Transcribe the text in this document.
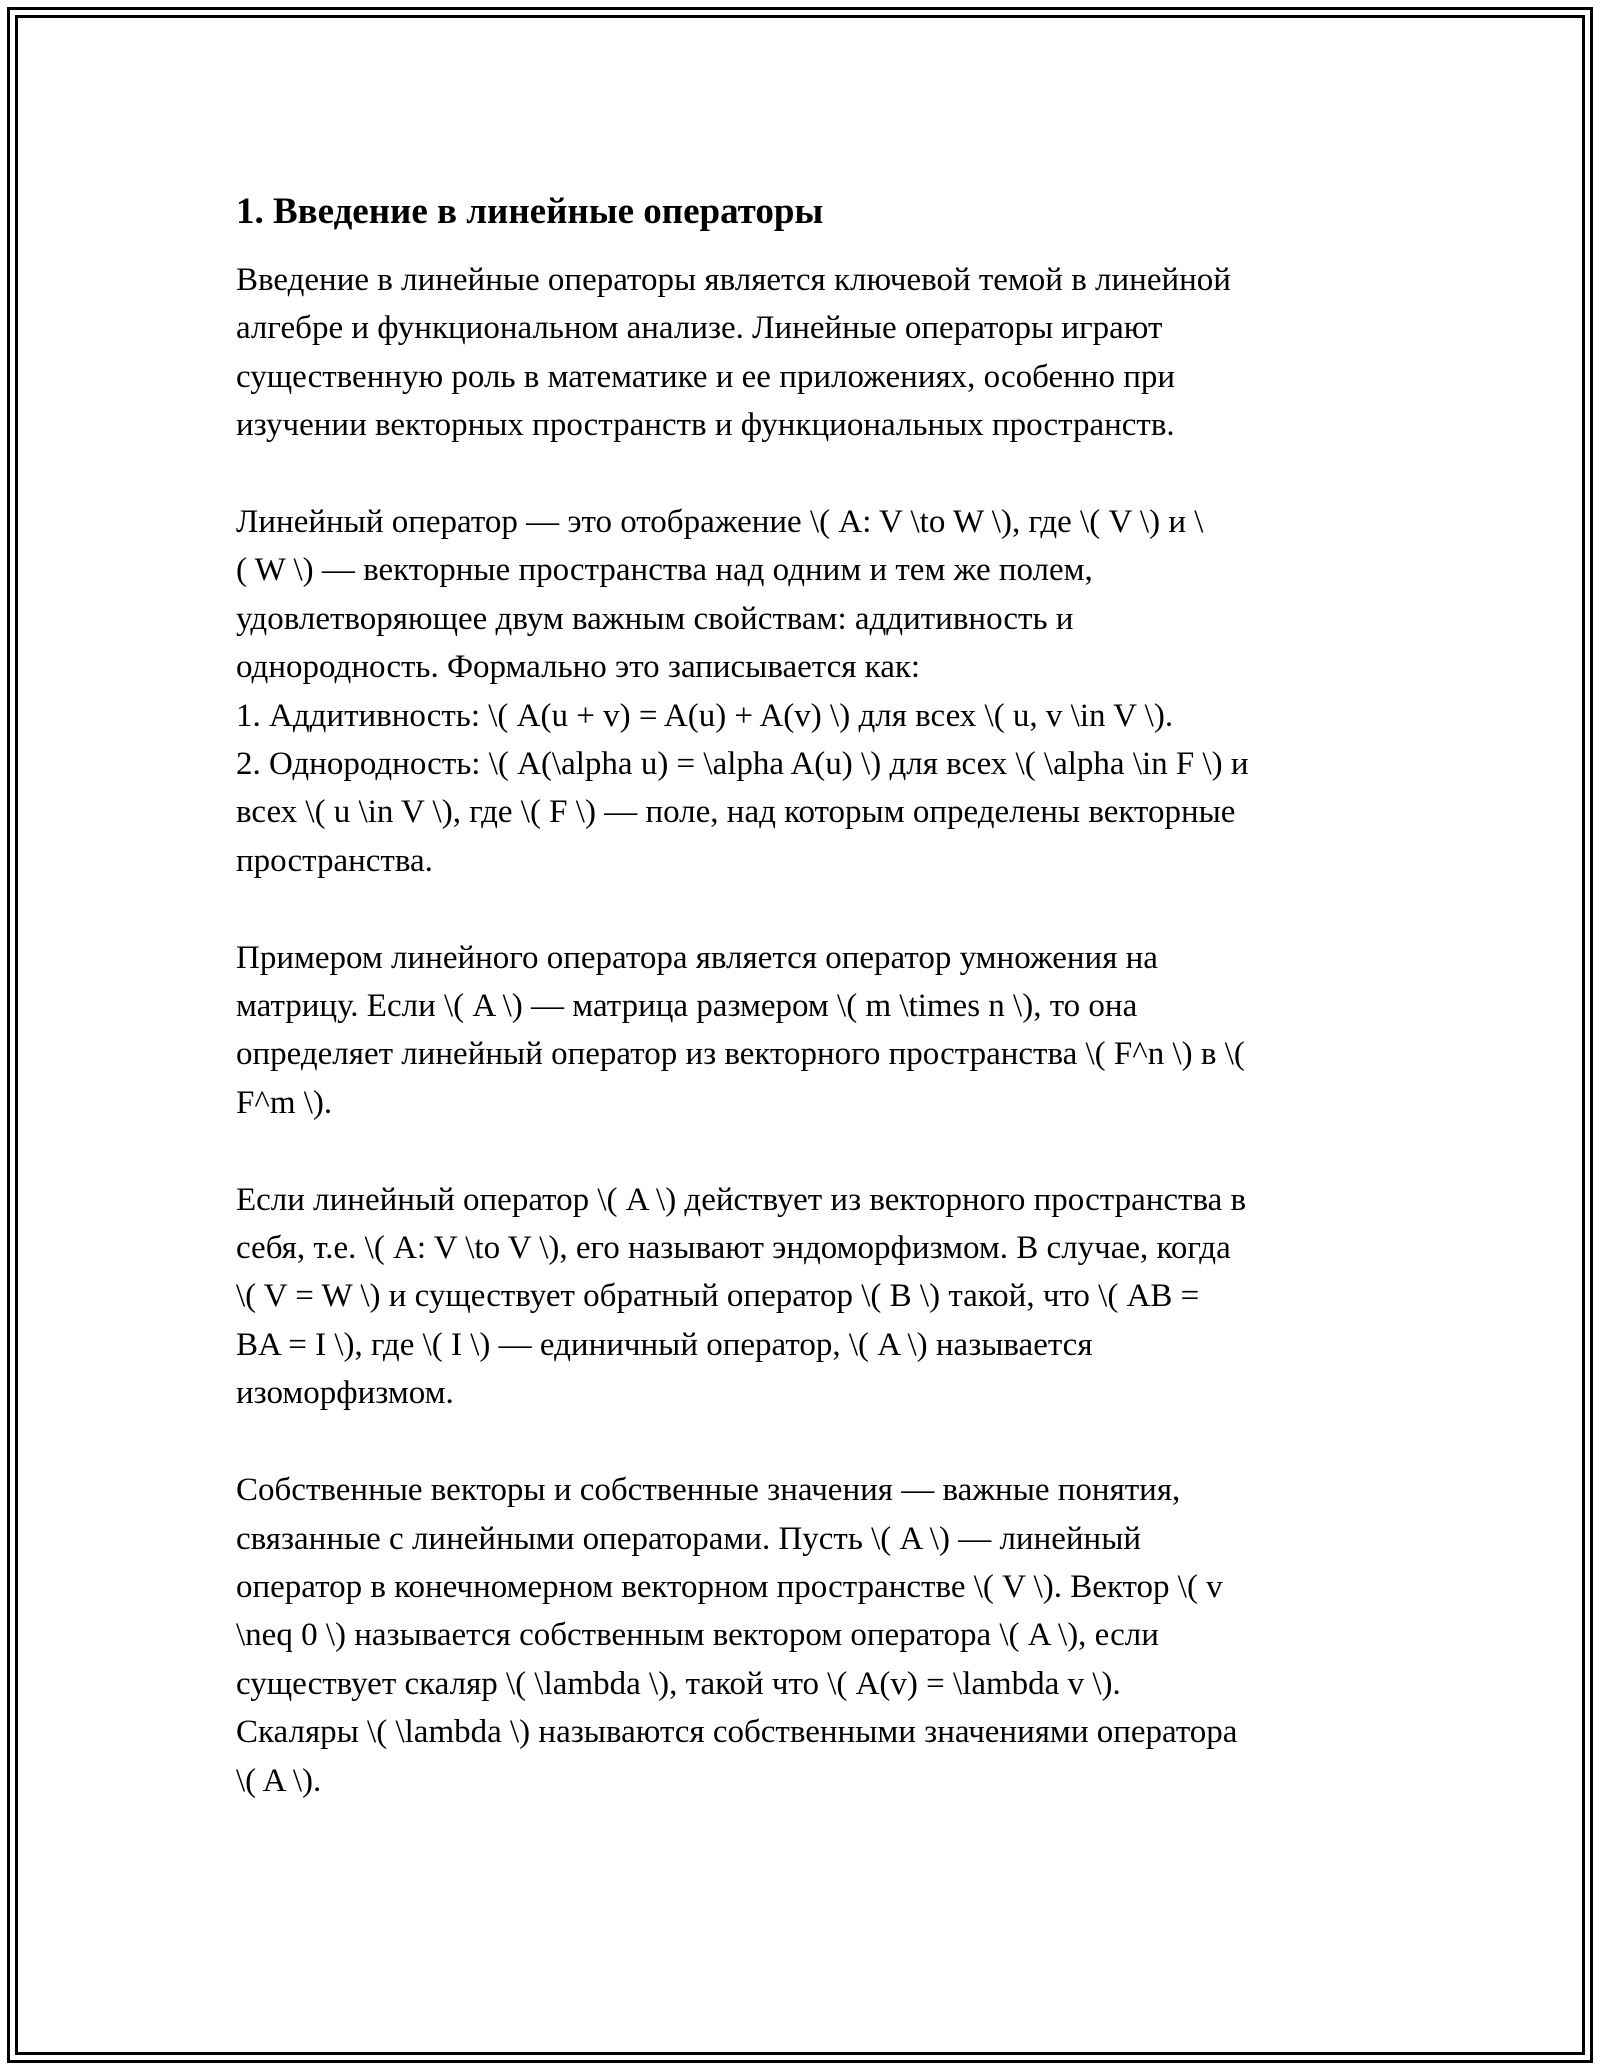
1. Введение в линейные операторы

Введение в линейные операторы является ключевой темой в линейной
алгебре и функциональном анализе. Линейные операторы играют
существенную роль в математике и ее приложениях, особенно при
изучении векторных пространств и функциональных пространств.

Линейный оператор — это отображение \( A: V \to W \), где \( V \) и \
( W \) — векторные пространства над одним и тем же полем,
удовлетворяющее двум важным свойствам: аддитивность и
однородность. Формально это записывается как:
1. Аддитивность: \( A(u + v) = A(u) + A(v) \) для всех \( u, v \in V \).
2. Однородность: \( A(\alpha u) = \alpha A(u) \) для всех \( \alpha \in F \) и
всех \( u \in V \), где \( F \) — поле, над которым определены векторные
пространства.

Примером линейного оператора является оператор умножения на
матрицу. Если \( A \) — матрица размером \( m \times n \), то она
определяет линейный оператор из векторного пространства \( F^n \) в \(
F^m \).

Если линейный оператор \( A \) действует из векторного пространства в
себя, т.е. \( A: V \to V \), его называют эндоморфизмом. В случае, когда
\( V = W \) и существует обратный оператор \( B \) такой, что \( AB =
BA = I \), где \( I \) — единичный оператор, \( A \) называется
изоморфизмом.

Собственные векторы и собственные значения — важные понятия,
связанные с линейными операторами. Пусть \( A \) — линейный
оператор в конечномерном векторном пространстве \( V \). Вектор \( v
\neq 0 \) называется собственным вектором оператора \( A \), если
существует скаляр \( \lambda \), такой что \( A(v) = \lambda v \).
Скаляры \( \lambda \) называются собственными значениями оператора
\( A \).
